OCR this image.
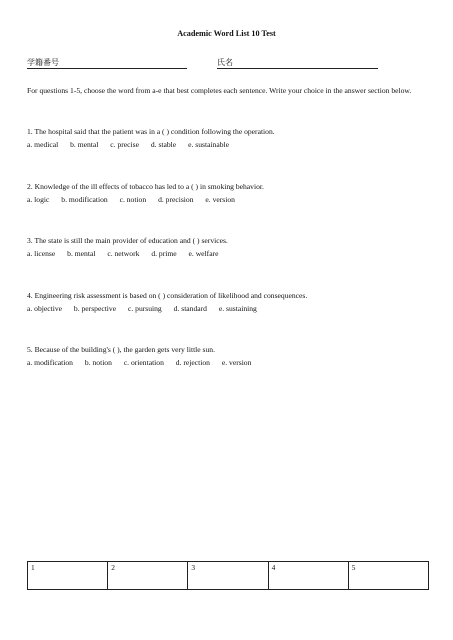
Academic Word List 10 Test
学籍番号	氏名
For questions 1-5, choose the word from a-e that best completes each sentence. Write your choice in the answer section below.
1. The hospital said that the patient was in a ( ) condition following the operation.
a. medical b. mental c. precise d. stable e. sustainable
2. Knowledge of the ill effects of tobacco has led to a ( ) in smoking behavior.
a. logic b. modification c. notion d. precision e. version
3. The state is still the main provider of education and ( ) services.
a. license b. mental c. network d. prime e. welfare
4. Engineering risk assessment is based on ( ) consideration of likelihood and consequences.
a. objective b. perspective c. pursuing d. standard e. sustaining
5. Because of the building's ( ), the garden gets very little sun.
a. modification b. notion c. orientation d. rejection e. version
1	2	3	4	5
